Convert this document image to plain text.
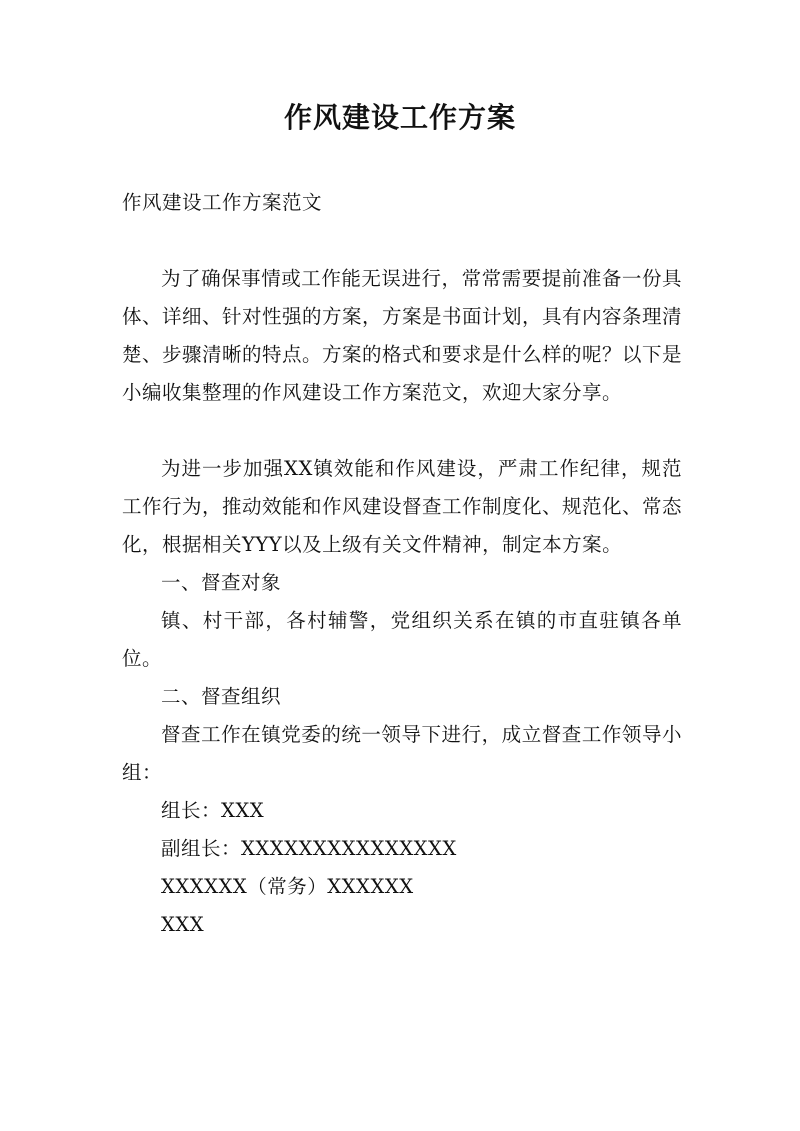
作风建设工作方案

作风建设工作方案范文

为了确保事情或工作能无误进行，常常需要提前准备一份具体、详细、针对性强的方案，方案是书面计划，具有内容条理清楚、步骤清晰的特点。方案的格式和要求是什么样的呢？以下是小编收集整理的作风建设工作方案范文，欢迎大家分享。

为进一步加强XX镇效能和作风建设，严肃工作纪律，规范工作行为，推动效能和作风建设督查工作制度化、规范化、常态化，根据相关YYY以及上级有关文件精神，制定本方案。

一、督查对象

镇、村干部，各村辅警，党组织关系在镇的市直驻镇各单位。

二、督查组织

督查工作在镇党委的统一领导下进行，成立督查工作领导小组：

组长：XXX

副组长：XXXXXXXXXXXXXXX

XXXXXX（常务）XXXXXX

XXX
